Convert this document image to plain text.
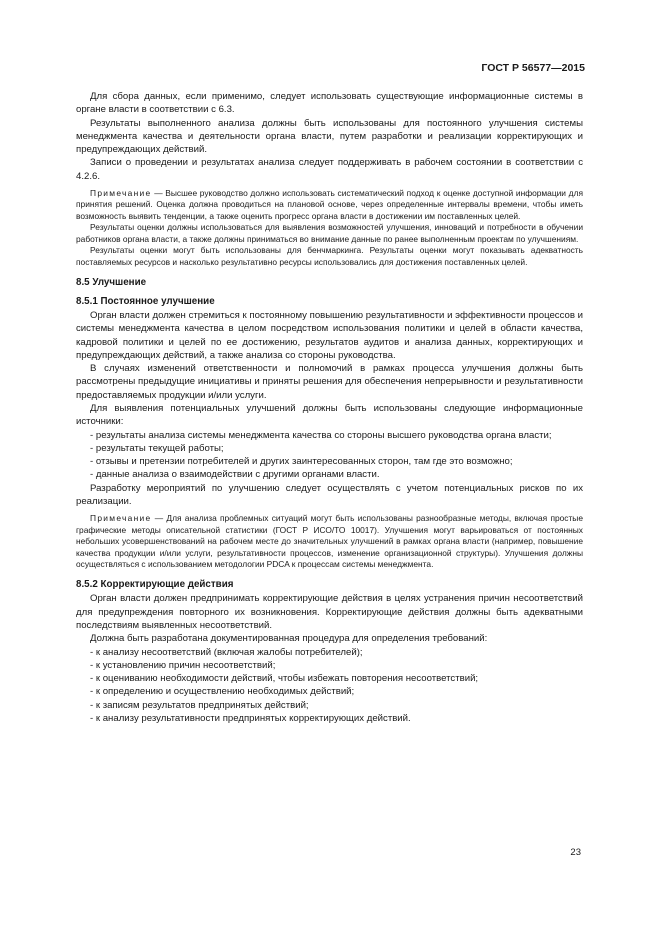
ГОСТ Р 56577—2015

Для сбора данных, если применимо, следует использовать существующие информационные системы в органе власти в соответствии с 6.3.

Результаты выполненного анализа должны быть использованы для постоянного улучшения системы менеджмента качества и деятельности органа власти, путем разработки и реализации корректирующих и предупреждающих действий.

Записи о проведении и результатах анализа следует поддерживать в рабочем состоянии в соответствии с 4.2.6.

Примечание — Высшее руководство должно использовать систематический подход к оценке доступной информации для принятия решений. Оценка должна проводиться на плановой основе, через определенные интервалы времени, чтобы иметь возможность выявить тенденции, а также оценить прогресс органа власти в достижении им поставленных целей.

Результаты оценки должны использоваться для выявления возможностей улучшения, инноваций и потребности в обучении работников органа власти, а также должны приниматься во внимание данные по ранее выполненным проектам по улучшениям.

Результаты оценки могут быть использованы для бенчмаркинга. Результаты оценки могут показывать адекватность поставляемых ресурсов и насколько результативно ресурсы использовались для достижения поставленных целей.

8.5 Улучшение

8.5.1 Постоянное улучшение

Орган власти должен стремиться к постоянному повышению результативности и эффективности процессов и системы менеджмента качества в целом посредством использования политики и целей в области качества, кадровой политики и целей по ее достижению, результатов аудитов и анализа данных, корректирующих и предупреждающих действий, а также анализа со стороны руководства.

В случаях изменений ответственности и полномочий в рамках процесса улучшения должны быть рассмотрены предыдущие инициативы и приняты решения для обеспечения непрерывности и результативности предоставляемых продукции и/или услуги.

Для выявления потенциальных улучшений должны быть использованы следующие информационные источники:

- результаты анализа системы менеджмента качества со стороны высшего руководства органа власти;

- результаты текущей работы;

- отзывы и претензии потребителей и других заинтересованных сторон, там где это возможно;

- данные анализа о взаимодействии с другими органами власти.

Разработку мероприятий по улучшению следует осуществлять с учетом потенциальных рисков по их реализации.

Примечание — Для анализа проблемных ситуаций могут быть использованы разнообразные методы, включая простые графические методы описательной статистики (ГОСТ Р ИСО/ТО 10017). Улучшения могут варьироваться от постоянных небольших усовершенствований на рабочем месте до значительных улучшений в рамках органа власти (например, повышение качества продукции и/или услуги, результативности процессов, изменение организационной структуры). Улучшения должны осуществляться с использованием методологии PDCA к процессам системы менеджмента.

8.5.2 Корректирующие действия

Орган власти должен предпринимать корректирующие действия в целях устранения причин несоответствий для предупреждения повторного их возникновения. Корректирующие действия должны быть адекватными последствиям выявленных несоответствий.

Должна быть разработана документированная процедура для определения требований:

- к анализу несоответствий (включая жалобы потребителей);

- к установлению причин несоответствий;

- к оцениванию необходимости действий, чтобы избежать повторения несоответствий;

- к определению и осуществлению необходимых действий;

- к записям результатов предпринятых действий;

- к анализу результативности предпринятых корректирующих действий.

23
